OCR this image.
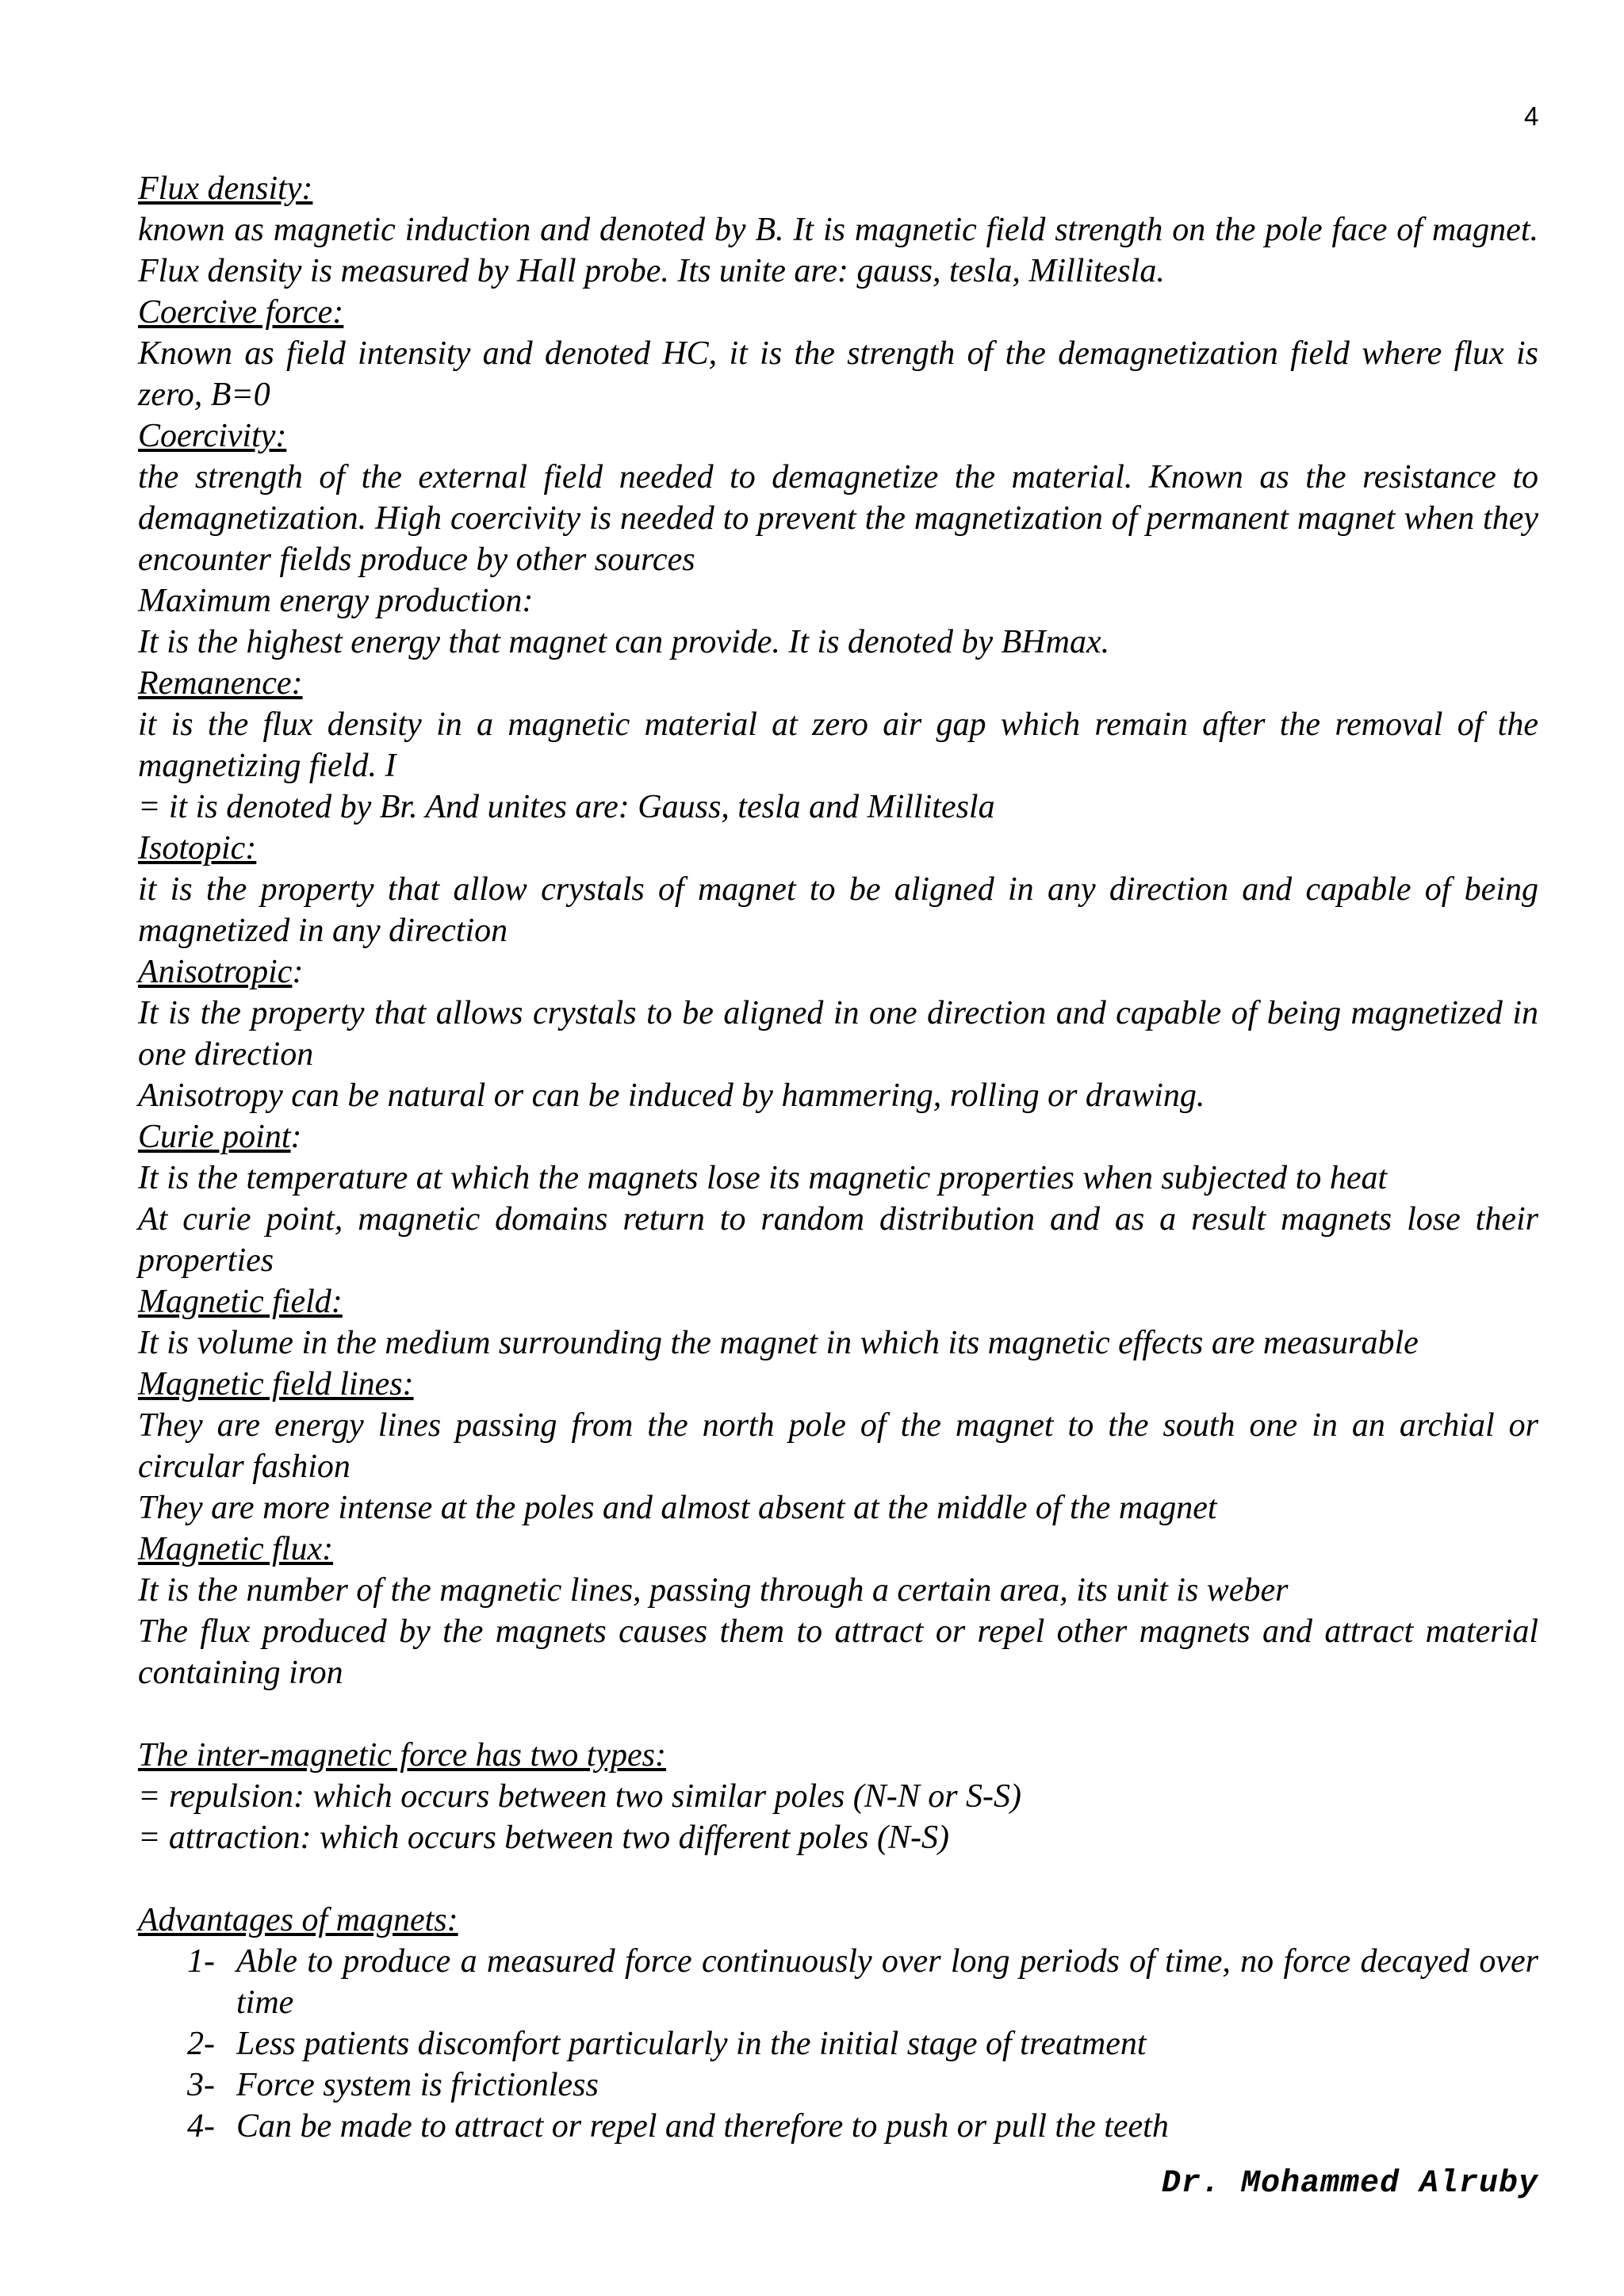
4

Flux density:

known as magnetic induction and denoted by B. It is magnetic field strength on the pole face of magnet. Flux density is measured by Hall probe. Its unite are: gauss, tesla, Millitesla.

Coercive force:

Known as field intensity and denoted HC, it is the strength of the demagnetization field where flux is zero, B=0

Coercivity:

the strength of the external field needed to demagnetize the material. Known as the resistance to demagnetization. High coercivity is needed to prevent the magnetization of permanent magnet when they encounter fields produce by other sources

Maximum energy production:

It is the highest energy that magnet can provide. It is denoted by BHmax.

Remanence:

it is the flux density in a magnetic material at zero air gap which remain after the removal of the magnetizing field. I

= it is denoted by Br. And unites are: Gauss, tesla and Millitesla

Isotopic:

it is the property that allow crystals of magnet to be aligned in any direction and capable of being magnetized in any direction

Anisotropic:

It is the property that allows crystals to be aligned in one direction and capable of being magnetized in one direction

Anisotropy can be natural or can be induced by hammering, rolling or drawing.

Curie point:

It is the temperature at which the magnets lose its magnetic properties when subjected to heat

At curie point, magnetic domains return to random distribution and as a result magnets lose their properties

Magnetic field:

It is volume in the medium surrounding the magnet in which its magnetic effects are measurable

Magnetic field lines:

They are energy lines passing from the north pole of the magnet to the south one in an archial or circular fashion

They are more intense at the poles and almost absent at the middle of the magnet

Magnetic flux:

It is the number of the magnetic lines, passing through a certain area, its unit is weber

The flux produced by the magnets causes them to attract or repel other magnets and attract material containing iron

The inter-magnetic force has two types:

= repulsion: which occurs between two similar poles (N-N or S-S)

= attraction: which occurs between two different poles (N-S)

Advantages of magnets:

1- Able to produce a measured force continuously over long periods of time, no force decayed over time
2- Less patients discomfort particularly in the initial stage of treatment
3- Force system is frictionless
4- Can be made to attract or repel and therefore to push or pull the teeth
Dr. Mohammed Alruby
